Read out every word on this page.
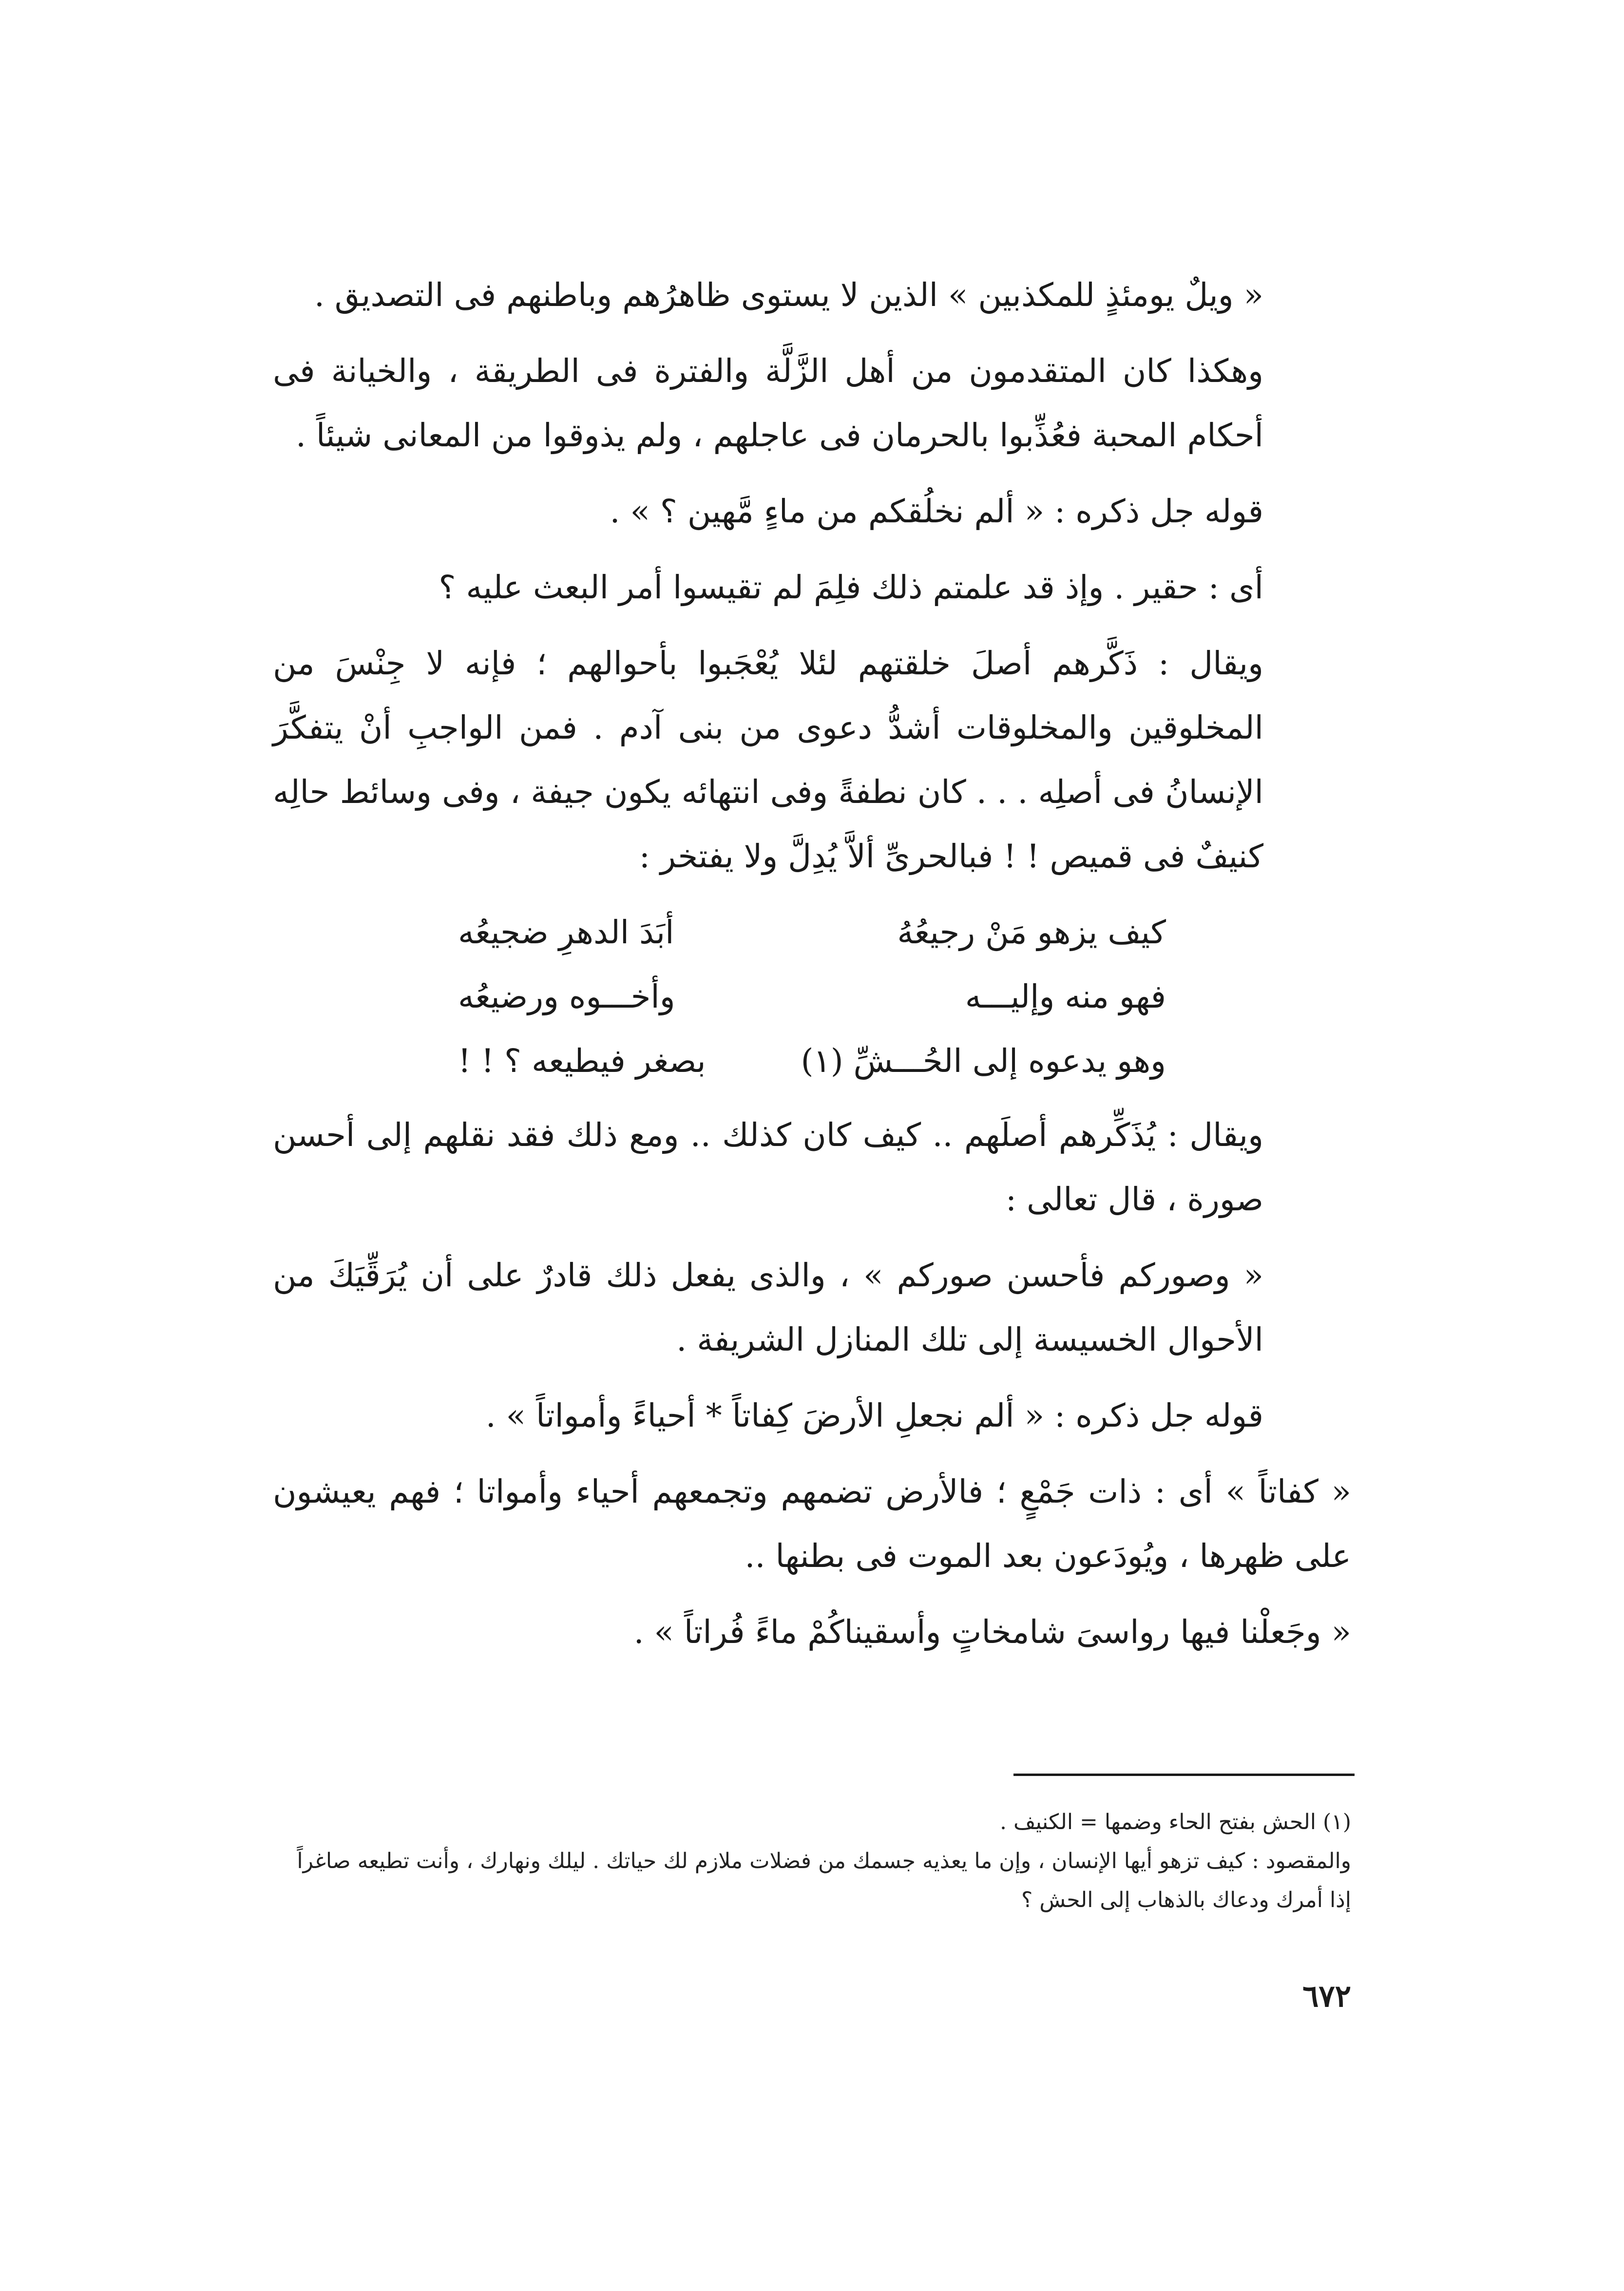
« ويلٌ يومئذٍ للمكذبين » الذين لا يستوى ظاهرُهم وباطنهم فى التصديق .

وهكذا كان المتقدمون من أهل الزَّلَّة والفترة فى الطريقة ، والخيانة فى أحكام المحبة فعُذِّبوا بالحرمان فى عاجلهم ، ولم يذوقوا من المعانى شيئاً .

قوله جل ذكره : « ألم نخلُقكم من ماءٍ مَّهين ؟ » .

أى : حقير . وإذ قد علمتم ذلك فلِمَ لم تقيسوا أمر البعث عليه ؟

ويقال : ذَكَّرهم أصلَ خلقتهم لئلا يُعْجَبوا بأحوالهم ؛ فإنه لا جِنْسَ من المخلوقين والمخلوقات أشدُّ دعوى من بنى آدم . فمن الواجبِ أنْ يتفكَّرَ الإنسانُ فى أصلِه . . . كان نطفةً وفى انتهائه يكون جيفة ، وفى وسائط حالِه كنيفٌ فى قميص ! ! فبالحرىِّ ألاَّ يُدِلَّ ولا يفتخر :

كيف يزهو مَنْ رجيعُهُ
أبَدَ الدهرِ ضجيعُه
فهو منه وإليـــه
وأخـــوه ورضيعُه
وهو يدعوه إلى الحُـــشِّ (١)
بصغر فيطيعه ؟ ! !

ويقال : يُذَكِّرهم أصلَهم .. كيف كان كذلك .. ومع ذلك فقد نقلهم إلى أحسن صورة ، قال تعالى :

« وصوركم فأحسن صوركم » ، والذى يفعل ذلك قادرٌ على أن يُرَقِّيَكَ من الأحوال الخسيسة إلى تلك المنازل الشريفة .

قوله جل ذكره : « ألم نجعلِ الأرضَ كِفاتاً * أحياءً وأمواتاً » .

« كفاتاً » أى : ذات جَمْعٍ ؛ فالأرض تضمهم وتجمعهم أحياء وأمواتا ؛ فهم يعيشون على ظهرها ، ويُودَعون بعد الموت فى بطنها ..

« وجَعلْنا فيها رواسىَ شامخاتٍ وأسقيناكُمْ ماءً فُراتاً » .

(١) الحش بفتح الحاء وضمها = الكنيف .

والمقصود : كيف تزهو أيها الإنسان ، وإن ما يعذيه جسمك من فضلات ملازم لك حياتك . ليلك ونهارك ، وأنت تطيعه صاغراً إذا أمرك ودعاك بالذهاب إلى الحش ؟

٦٧٢
